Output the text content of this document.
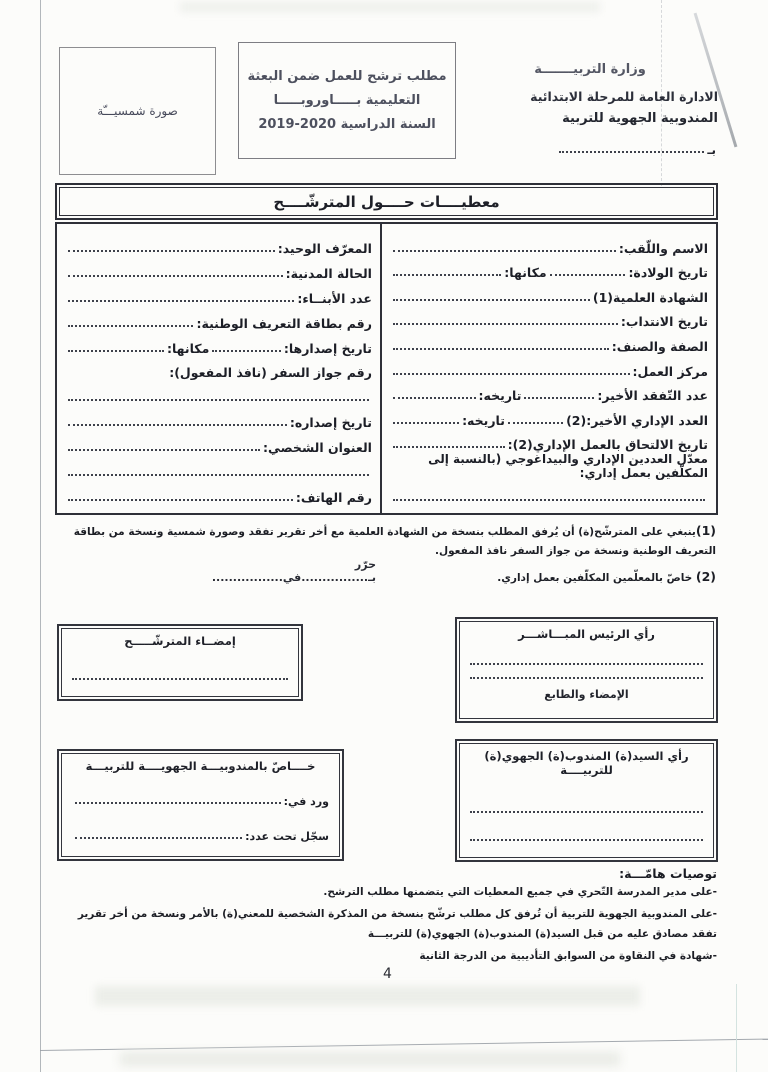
صورة شمسيـــّة
مطلب ترشح للعمل ضمن البعثة
التعليمية بـــــاوروبـــــا
السنة الدراسية 2020-2019
وزارة التربيـــــــة
الادارة العامة للمرحلة الابتدائية
المندوبية الجهوية للتربية
بـ
معطيــــات حــــول المترشّــــح
الاسم واللّقب:
تاريخ الولادة:
مكانها:
الشهادة العلمية(1)
تاريخ الانتداب:
الصفة والصنف:
مركز العمل:
عدد التّفقد الأخير:
تاريخه:
العدد الإداري الأخير:(2)
تاريخه:
تاريخ الالتحاق بالعمل الإداري(2):
معدّل العددين الإداري والبيداغوجي (بالنسبة إلى المكلّفين بعمل إداري:
المعرّف الوحيد:
الحالة المدنية:
عدد الأبنــاء:
رقم بطاقة التعريف الوطنية:
تاريخ إصدارها:
مكانها:
رقم جواز السفر (نافذ المفعول):
تاريخ إصداره:
العنوان الشخصي:
رقم الهاتف:
(1)ينبغي على المترشّح(ة) أن يُرفق المطلب بنسخة من الشهادة العلمية مع أخر تقرير تفقد وصورة شمسية ونسخة من بطاقة التعريف الوطنية ونسخة من جواز السفر نافذ المفعول.
(2) خاصّ بالمعلّمين المكلّفين بعمل إداري.
حرّر بـ................في.................
إمضــاء المترشّـــــح	رأي الرئيس المبـــاشـــر
الإمضاء والطابع
خــــاصّ بالمندوبيـــة الجهويــــة للتربيـــة
ورد في:
سجّل تحت عدد:
رأي السيد(ة) المندوب(ة) الجهوي(ة) للتربيــــة
توصيات هامّـــة:
-على مدير المدرسة التّحري في جميع المعطيات التي يتضمنها مطلب الترشح.
-على المندوبية الجهوية للتربية أن تُرفق كل مطلب ترشّح بنسخة من المذكرة الشخصية للمعني(ة) بالأمر ونسخة من أخر تقرير تفقد مصادق عليه من قبل السيد(ة) المندوب(ة) الجهوي(ة) للتربيـــة
-شهادة في النقاوة من السوابق التأديبية من الدرجة الثانية
4
